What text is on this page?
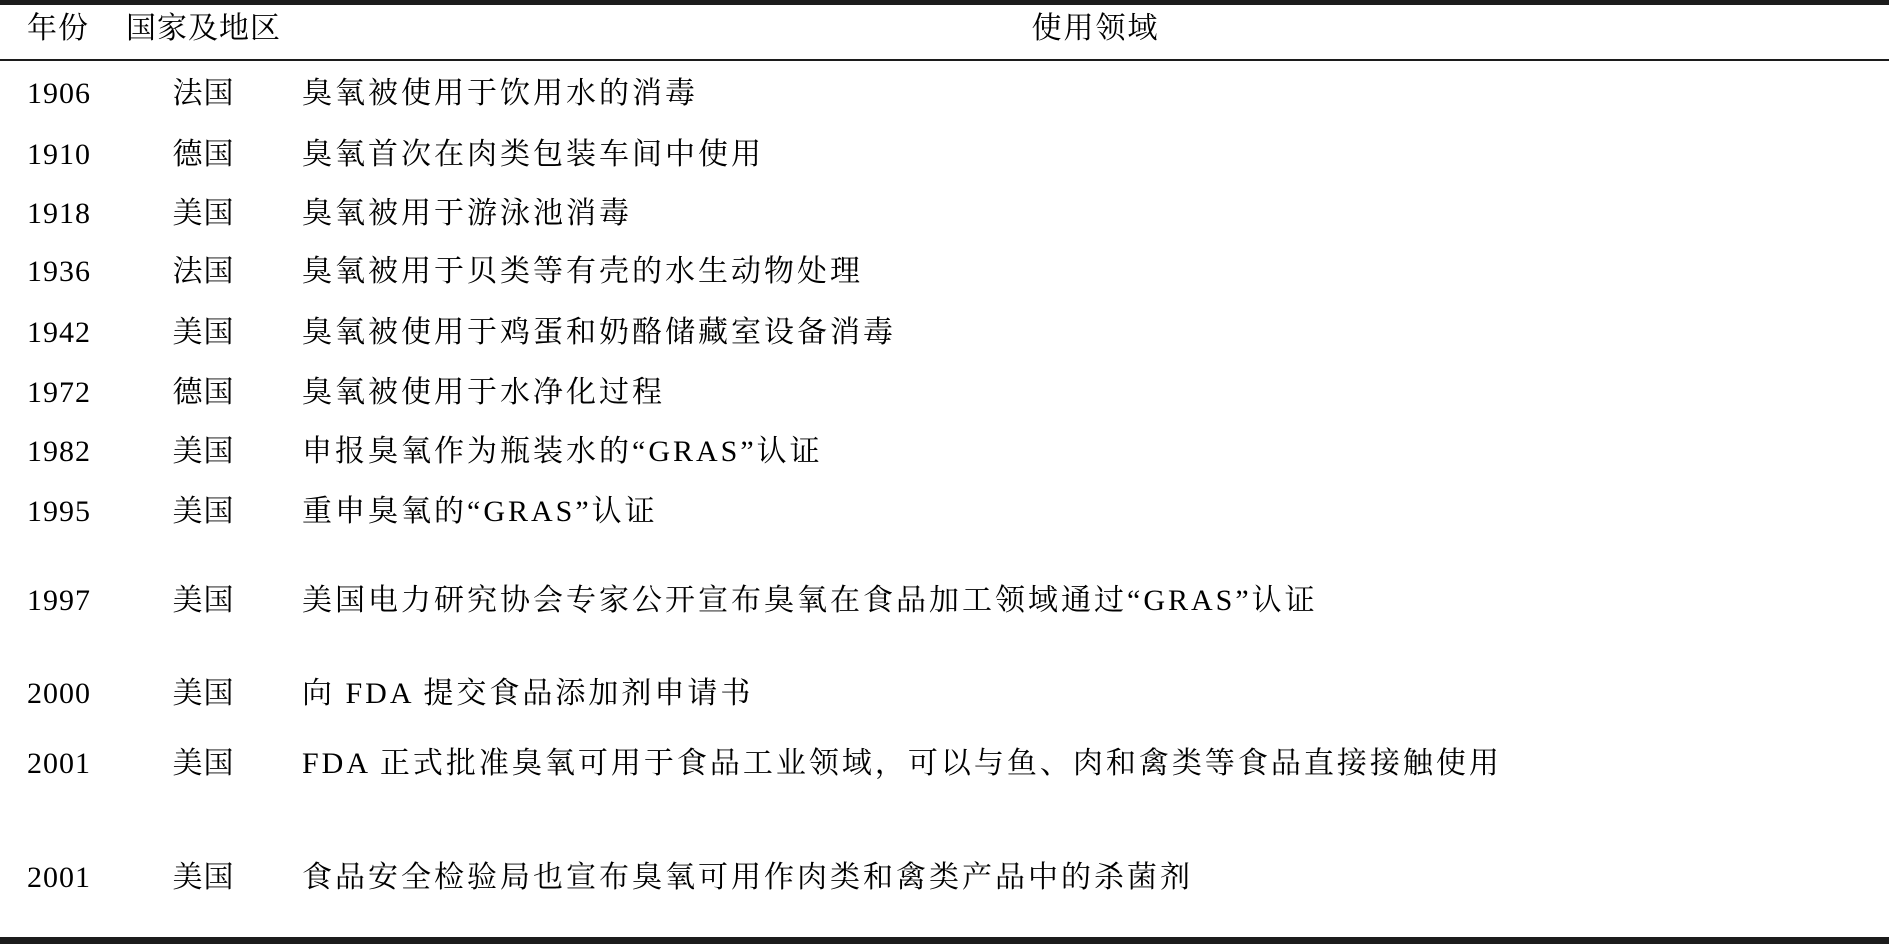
年份 国家及地区	使用领域
1906	法国	臭氧被使用于饮用水的消毒
1910	德国	臭氧首次在肉类包装车间中使用
1918	美国	臭氧被用于游泳池消毒
1936	法国	臭氧被用于贝类等有壳的水生动物处理
1942	美国	臭氧被使用于鸡蛋和奶酪储藏室设备消毒
1972	德国	臭氧被使用于水净化过程
1982	美国	申报臭氧作为瓶装水的“GRAS”认证
1995	美国	重申臭氧的“GRAS”认证
1997	美国	美国电力研究协会专家公开宣布臭氧在食品加工领域通过“GRAS”认证
2000	美国	向 FDA 提交食品添加剂申请书
2001	美国	FDA 正式批准臭氧可用于食品工业领域，可以与鱼、肉和禽类等食品直接接触使用
2001	美国	食品安全检验局也宣布臭氧可用作肉类和禽类产品中的杀菌剂
